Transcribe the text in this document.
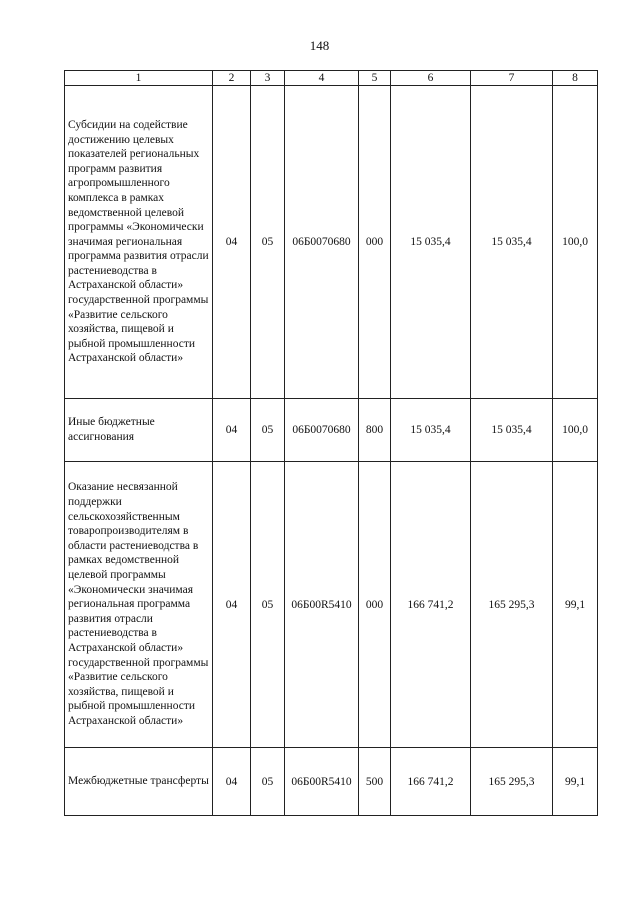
148
1	2	3	4	5	6	7	8

Субсидии на содействие достижению целевых показателей региональных программ развития агропромышленного комплекса в рамках ведомственной целевой программы «Экономически значимая региональная программа развития отрасли растениеводства в Астраханской области» государственной программы «Развитие сельского хозяйства, пищевой и рыбной промышленности Астраханской области»	04	05	06Б0070680	000	15 035,4	15 035,4	100,0

Иные бюджетные ассигнования	04	05	06Б0070680	800	15 035,4	15 035,4	100,0

Оказание несвязанной поддержки сельскохозяйственным товаропроизводителям в области растениеводства в рамках ведомственной целевой программы «Экономически значимая региональная программа развития отрасли растениеводства в Астраханской области» государственной программы «Развитие сельского хозяйства, пищевой и рыбной промышленности Астраханской области»	04	05	06Б00R5410	000	166 741,2	165 295,3	99,1

Межбюджетные трансферты	04	05	06Б00R5410	500	166 741,2	165 295,3	99,1
